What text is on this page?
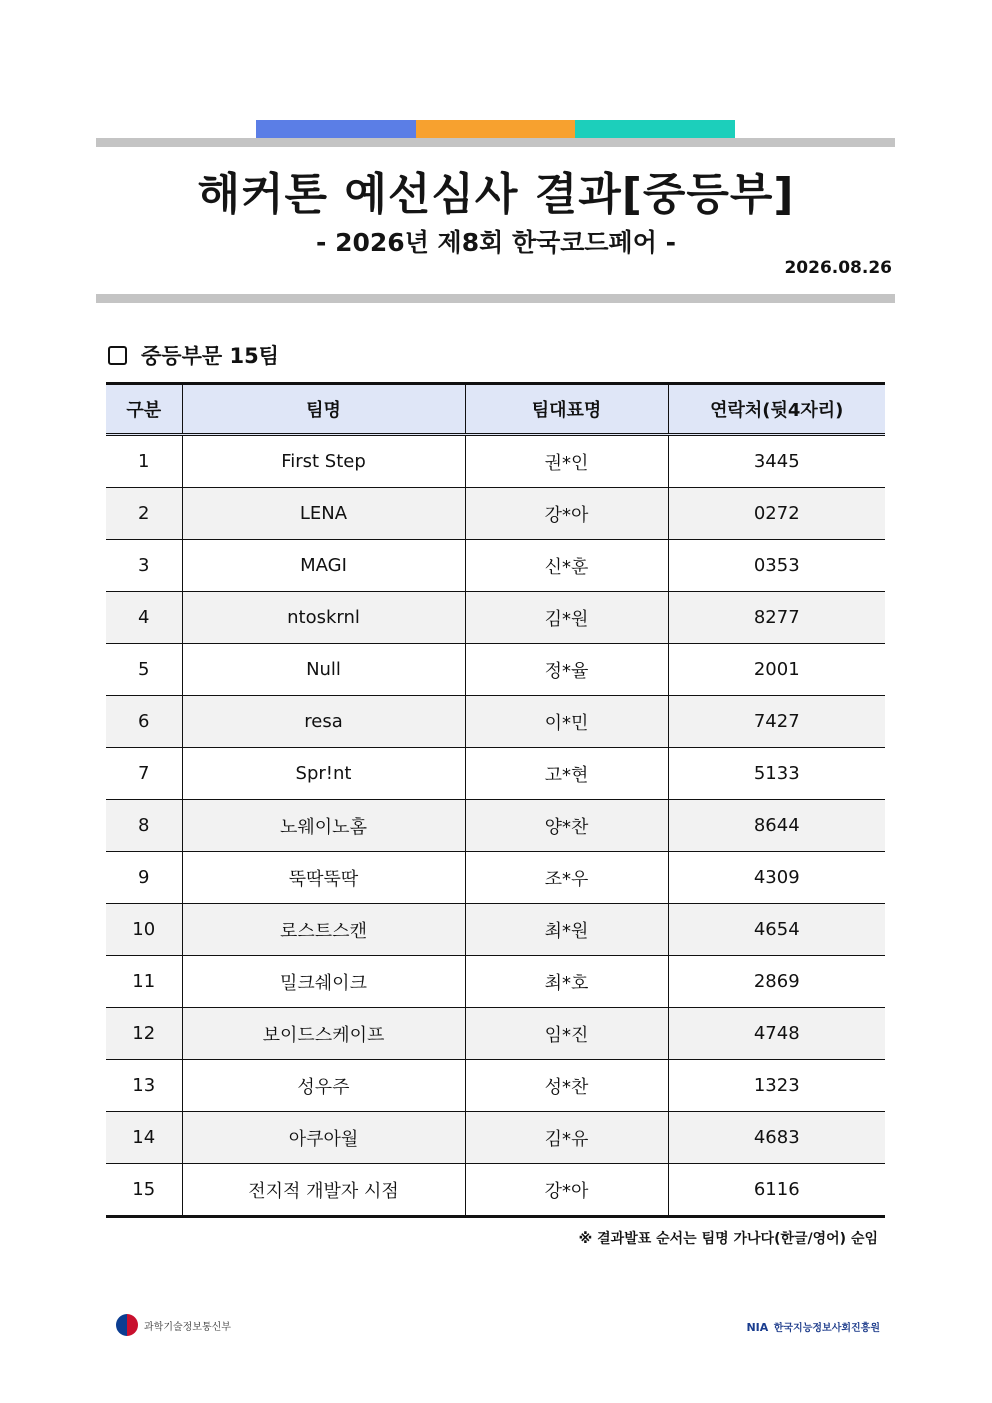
해커톤 예선심사 결과[중등부]
- 2026년 제8회 한국코드페어 -
2026.08.26
중등부문 15팀
구분	팀명	팀대표명	연락처(뒷4자리)
1	First Step	권*인	3445
2	LENA	강*아	0272
3	MAGI	신*훈	0353
4	ntoskrnl	김*원	8277
5	Null	정*율	2001
6	resa	이*민	7427
7	Spr!nt	고*현	5133
8	노웨이노홈	양*찬	8644
9	뚝딱뚝딱	조*우	4309
10	로스트스캔	최*원	4654
11	밀크쉐이크	최*호	2869
12	보이드스케이프	임*진	4748
13	성우주	성*찬	1323
14	아쿠아월	김*유	4683
15	전지적 개발자 시점	강*아	6116
※ 결과발표 순서는 팀명 가나다(한글/영어) 순임
과학기술정보통신부	NIA 한국지능정보사회진흥원
